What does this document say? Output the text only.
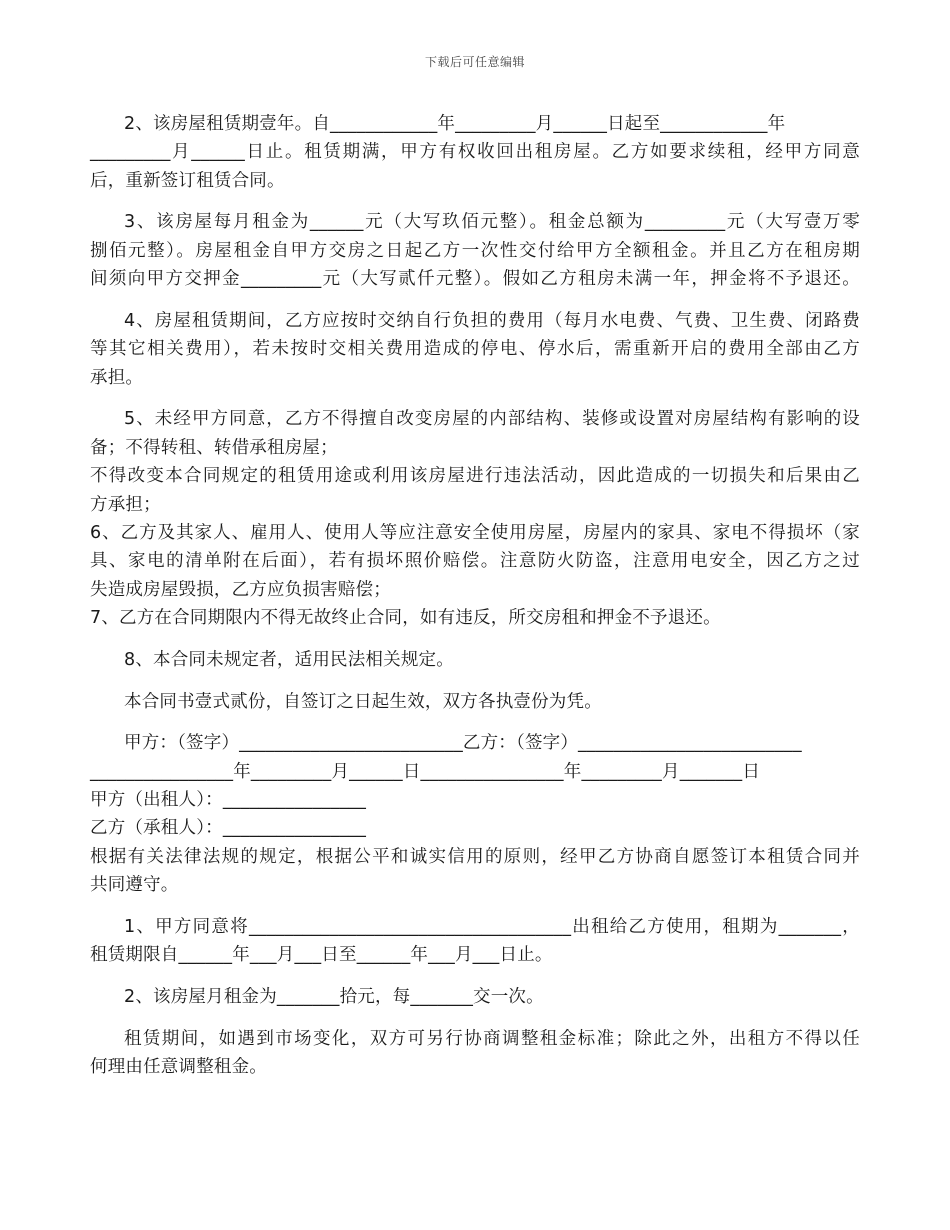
下载后可任意编辑
2、该房屋租赁期壹年。自____________年_________月______日起至____________年
_________月______日止。租赁期满，甲方有权收回出租房屋。乙方如要求续租，经甲方同意
后，重新签订租赁合同。
3、该房屋每月租金为______元（大写玖佰元整）。租金总额为_________元（大写壹万零
捌佰元整）。房屋租金自甲方交房之日起乙方一次性交付给甲方全额租金。并且乙方在租房期
间须向甲方交押金_________元（大写贰仟元整）。假如乙方租房未满一年，押金将不予退还。
4、房屋租赁期间，乙方应按时交纳自行负担的费用（每月水电费、气费、卫生费、闭路费
等其它相关费用），若未按时交相关费用造成的停电、停水后，需重新开启的费用全部由乙方
承担。
5、未经甲方同意，乙方不得擅自改变房屋的内部结构、装修或设置对房屋结构有影响的设
备；不得转租、转借承租房屋；
不得改变本合同规定的租赁用途或利用该房屋进行违法活动，因此造成的一切损失和后果由乙
方承担；
6、乙方及其家人、雇用人、使用人等应注意安全使用房屋，房屋内的家具、家电不得损坏（家
具、家电的清单附在后面），若有损坏照价赔偿。注意防火防盗，注意用电安全，因乙方之过
失造成房屋毁损，乙方应负损害赔偿；
7、乙方在合同期限内不得无故终止合同，如有违反，所交房租和押金不予退还。
8、本合同未规定者，适用民法相关规定。
本合同书壹式贰份，自签订之日起生效，双方各执壹份为凭。
甲方：（签字）_________________________乙方：（签字）_________________________
________________年_________月______日________________年_________月_______日
甲方（出租人）：________________
乙方（承租人）：________________
根据有关法律法规的规定，根据公平和诚实信用的原则，经甲乙方协商自愿签订本租赁合同并
共同遵守。
1、甲方同意将____________________________________出租给乙方使用，租期为_______，
租赁期限自______年___月___日至______年___月___日止。
2、该房屋月租金为_______拾元，每_______交一次。
租赁期间，如遇到市场变化，双方可另行协商调整租金标准；除此之外，出租方不得以任
何理由任意调整租金。
